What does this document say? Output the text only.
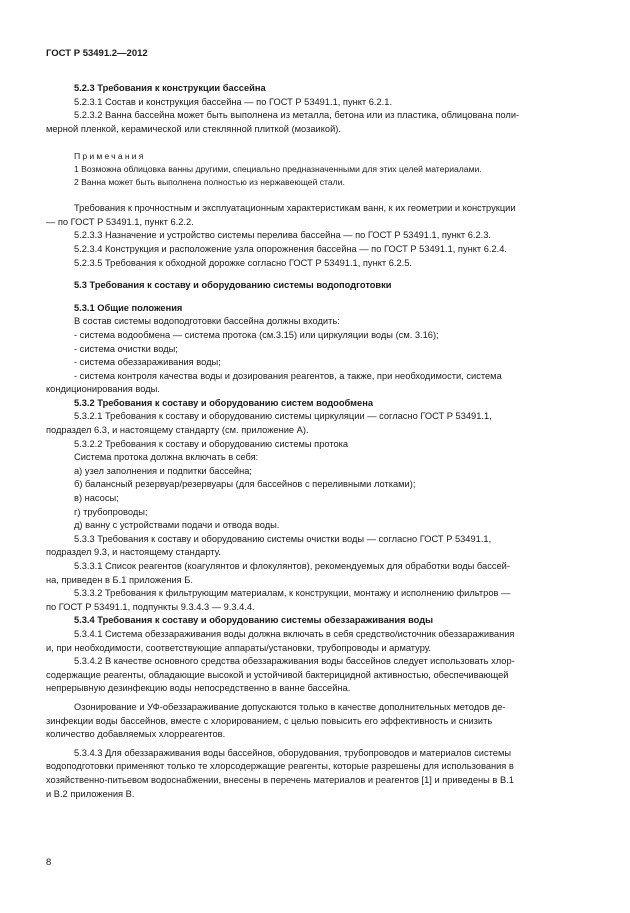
ГОСТ Р 53491.2—2012

5.2.3 Требования к конструкции бассейна

5.2.3.1 Состав и конструкция бассейна — по ГОСТ Р 53491.1, пункт 6.2.1.

5.2.3.2 Ванна бассейна может быть выполнена из металла, бетона или из пластика, облицована поли-

мерной пленкой, керамической или стеклянной плиткой (мозаикой).

Примечания

1 Возможна облицовка ванны другими, специально предназначенными для этих целей материалами.

2 Ванна может быть выполнена полностью из нержавеющей стали.

Требования к прочностным и эксплуатационным характеристикам ванн, к их геометрии и конструкции

— по ГОСТ Р 53491.1, пункт 6.2.2.

5.2.3.3 Назначение и устройство системы перелива бассейна — по ГОСТ Р 53491.1, пункт 6.2.3.

5.2.3.4 Конструкция и расположение узла опорожнения бассейна — по ГОСТ Р 53491.1, пункт 6.2.4.

5.2.3.5 Требования к обходной дорожке согласно ГОСТ Р 53491.1, пункт 6.2.5.

5.3 Требования к составу и оборудованию системы водоподготовки

5.3.1 Общие положения

В состав системы водоподготовки бассейна должны входить:

- система водообмена — система протока (см.3.15) или циркуляции воды (см. 3.16);

- система очистки воды;

- система обеззараживания воды;

- система контроля качества воды и дозирования реагентов, а также, при необходимости, система

кондиционирования воды.

5.3.2 Требования к составу и оборудованию систем водообмена

5.3.2.1 Требования к составу и оборудованию системы циркуляции — согласно ГОСТ Р 53491.1,

подраздел 6.3, и настоящему стандарту (см. приложение А).

5.3.2.2 Требования к составу и оборудованию системы протока

Система протока должна включать в себя:

а) узел заполнения и подпитки бассейна;

б) балансный резервуар/резервуары (для бассейнов с переливными лотками);

в) насосы;

г) трубопроводы;

д) ванну с устройствами подачи и отвода воды.

5.3.3 Требования к составу и оборудованию системы очистки воды — согласно ГОСТ Р 53491.1,

подраздел 9.3, и настоящему стандарту.

5.3.3.1 Список реагентов (коагулянтов и флокулянтов), рекомендуемых для обработки воды бассей-

на, приведен в Б.1 приложения Б.

5.3.3.2 Требования к фильтрующим материалам, к конструкции, монтажу и исполнению фильтров —

по ГОСТ Р 53491.1, подпункты 9.3.4.3 — 9.3.4.4.

5.3.4 Требования к составу и оборудованию системы обеззараживания воды

5.3.4.1 Система обеззараживания воды должна включать в себя средство/источник обеззараживания

и, при необходимости, соответствующие аппараты/установки, трубопроводы и арматуру.

5.3.4.2 В качестве основного средства обеззараживания воды бассейнов следует использовать хлор-

содержащие реагенты, обладающие высокой и устойчивой бактерицидной активностью, обеспечивающей

непрерывную дезинфекцию воды непосредственно в ванне бассейна.

Озонирование и УФ-обеззараживание допускаются только в качестве дополнительных методов де-

зинфекции воды бассейнов, вместе с хлорированием, с целью повысить его эффективность и снизить

количество добавляемых хлорреагентов.

5.3.4.3 Для обеззараживания воды бассейнов, оборудования, трубопроводов и материалов системы

водоподготовки применяют только те хлорсодержащие реагенты, которые разрешены для использования в

хозяйственно-питьевом водоснабжении, внесены в перечень материалов и реагентов [1] и приведены в В.1

и В.2 приложения В.

8
